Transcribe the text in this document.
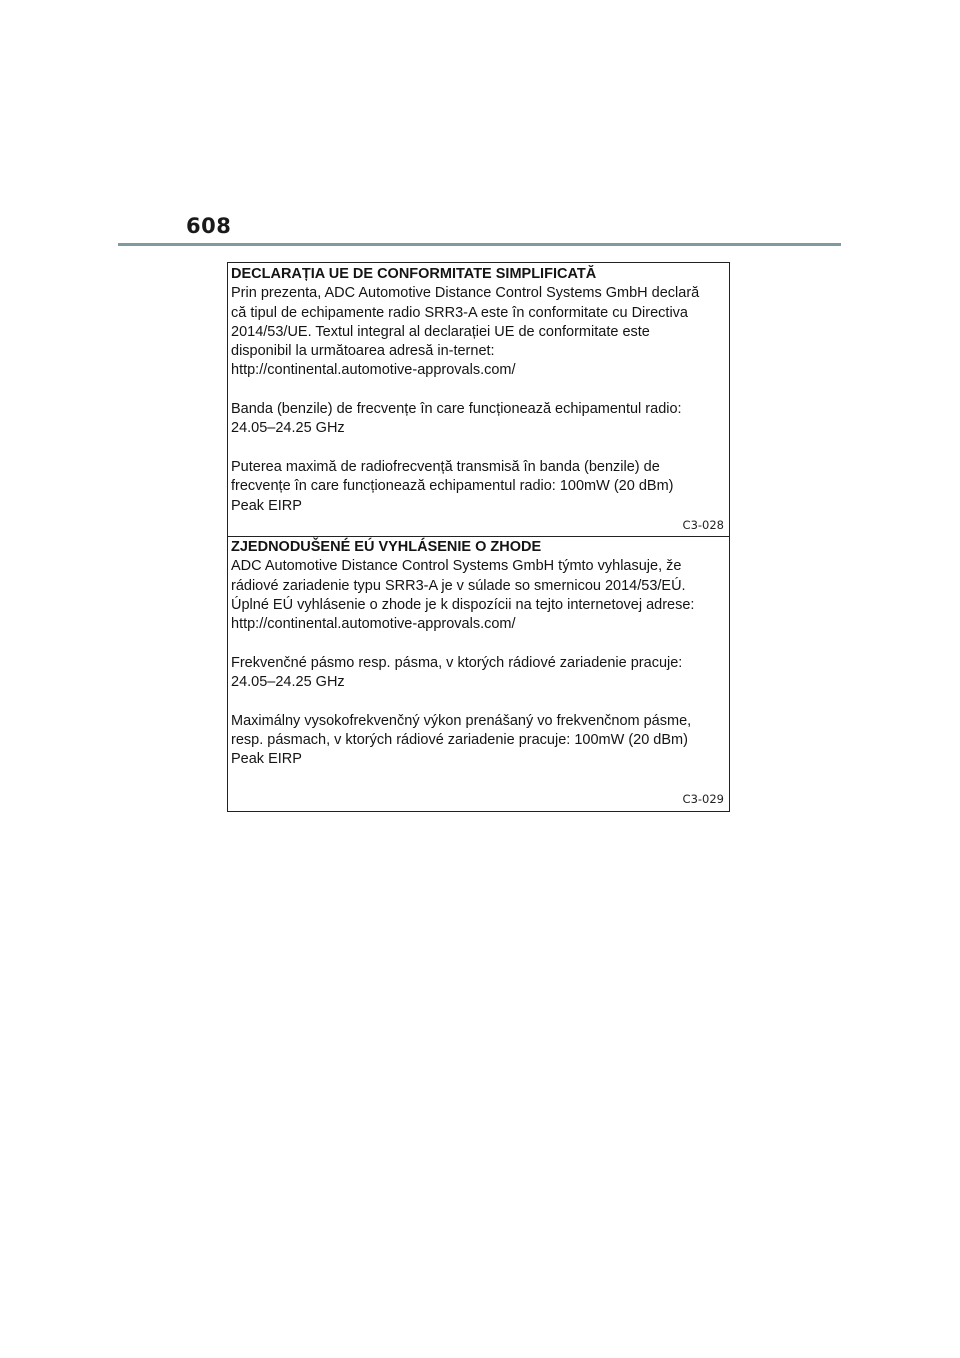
608
DECLARAȚIA UE DE CONFORMITATE SIMPLIFICATĂ
Prin prezenta, ADC Automotive Distance Control Systems GmbH declară
că tipul de echipamente radio SRR3-A este în conformitate cu Directiva
2014/53/UE. Textul integral al declarației UE de conformitate este
disponibil la următoarea adresă in-ternet:
http://continental.automotive-approvals.com/
Banda (benzile) de frecvențe în care funcționează echipamentul radio:
24.05–24.25 GHz
Puterea maximă de radiofrecvență transmisă în banda (benzile) de
frecvențe în care funcționează echipamentul radio: 100mW (20 dBm)
Peak EIRP
C3-028
ZJEDNODUŠENÉ EÚ VYHLÁSENIE O ZHODE
ADC Automotive Distance Control Systems GmbH týmto vyhlasuje, že
rádiové zariadenie typu SRR3-A je v súlade so smernicou 2014/53/EÚ.
Úplné EÚ vyhlásenie o zhode je k dispozícii na tejto internetovej adrese:
http://continental.automotive-approvals.com/
Frekvenčné pásmo resp. pásma, v ktorých rádiové zariadenie pracuje:
24.05–24.25 GHz
Maximálny vysokofrekvenčný výkon prenášaný vo frekvenčnom pásme,
resp. pásmach, v ktorých rádiové zariadenie pracuje: 100mW (20 dBm)
Peak EIRP
C3-029
